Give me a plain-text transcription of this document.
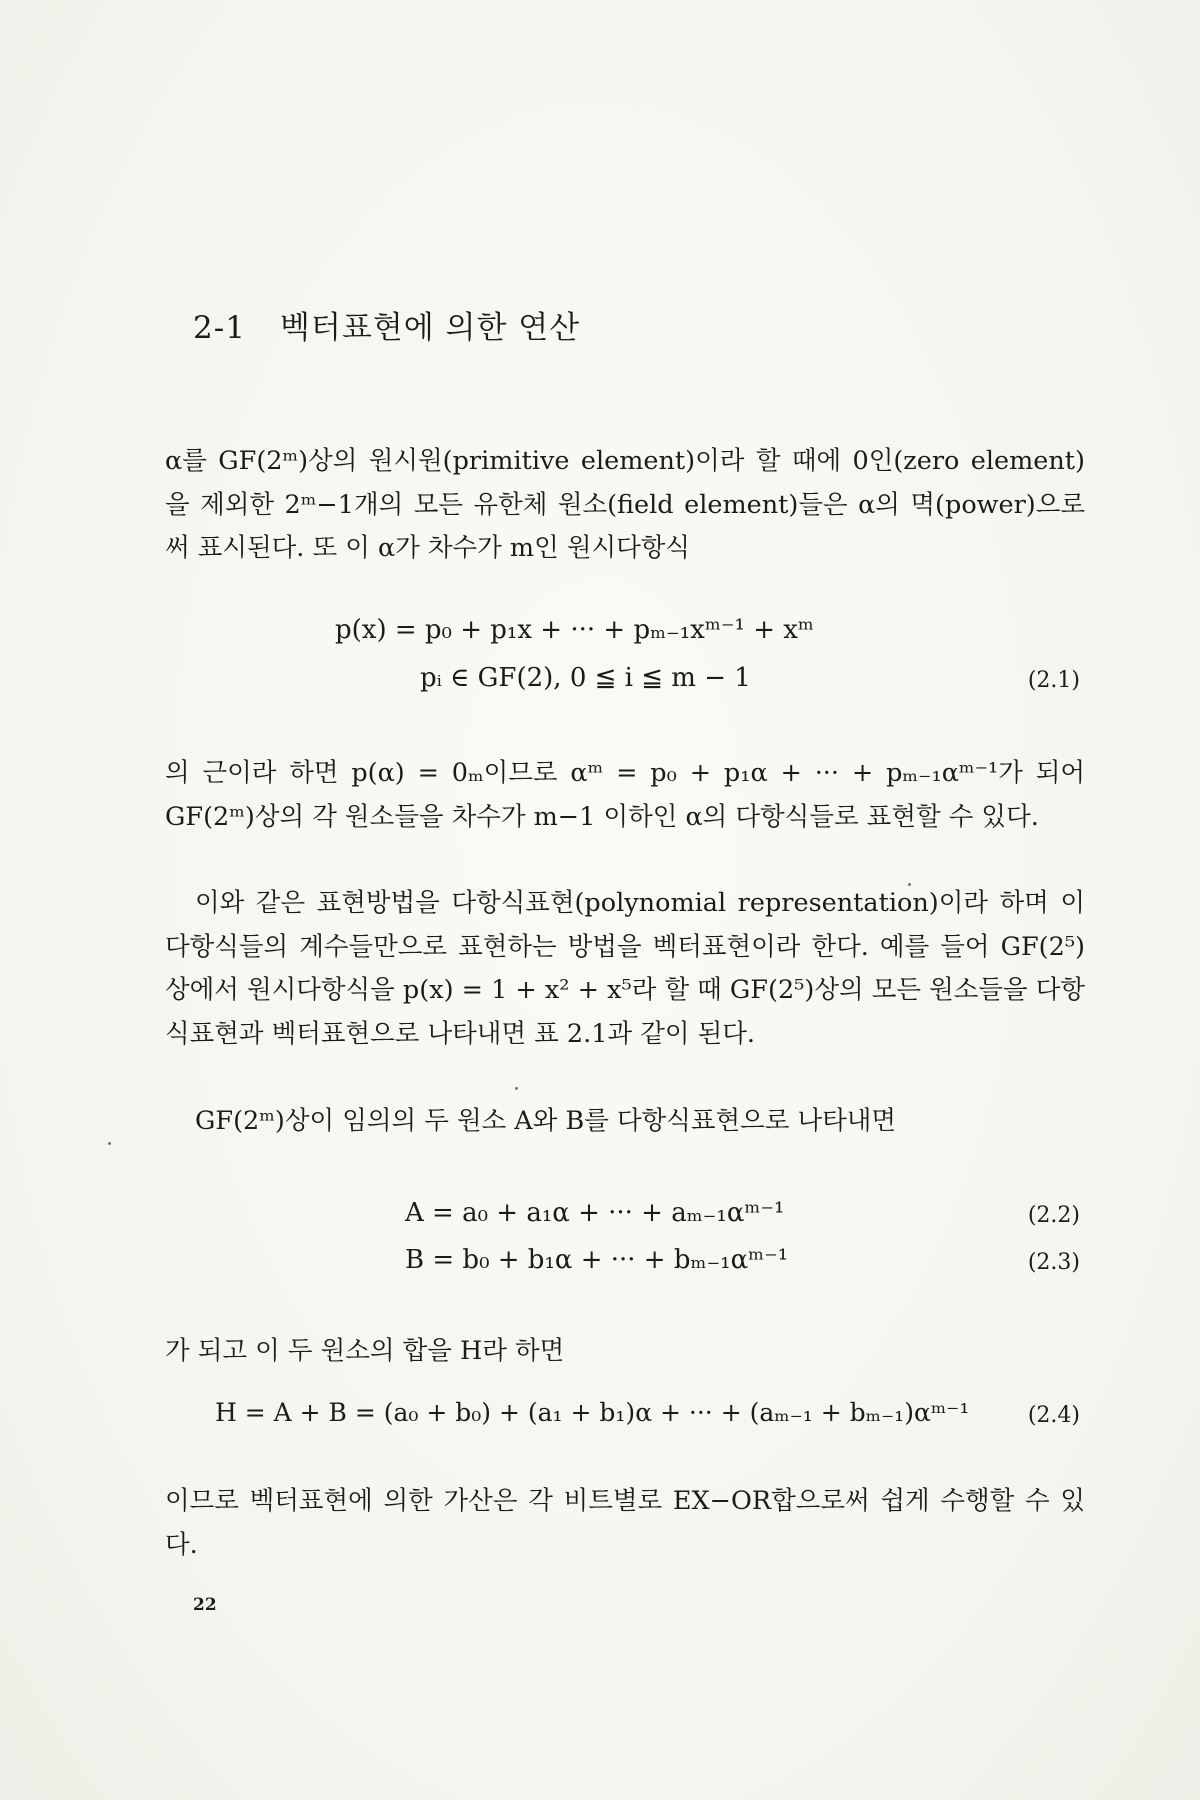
2-1 벡터표현에 의한 연산
α를 GF(2ᵐ)상의 원시원(primitive element)이라 할 때에 0인(zero element)을 제외한 2ᵐ−1개의 모든 유한체 원소(field element)들은 α의 멱(power)으로써 표시된다. 또 이 α가 차수가 m인 원시다항식
p(x) = p₀ + p₁x + ··· + pₘ₋₁xᵐ⁻¹ + xᵐ
pᵢ ∈ GF(2), 0 ≦ i ≦ m − 1	(2.1)
의 근이라 하면 p(α) = 0ₘ이므로 αᵐ = p₀ + p₁α + ··· + pₘ₋₁αᵐ⁻¹가 되어 GF(2ᵐ)상의 각 원소들을 차수가 m−1 이하인 α의 다항식들로 표현할 수 있다.
이와 같은 표현방법을 다항식표현(polynomial representation)이라 하며 이 다항식들의 계수들만으로 표현하는 방법을 벡터표현이라 한다. 예를 들어 GF(2⁵)상에서 원시다항식을 p(x) = 1 + x² + x⁵라 할 때 GF(2⁵)상의 모든 원소들을 다항식표현과 벡터표현으로 나타내면 표 2.1과 같이 된다.
GF(2ᵐ)상이 임의의 두 원소 A와 B를 다항식표현으로 나타내면
A = a₀ + a₁α + ··· + aₘ₋₁αᵐ⁻¹	(2.2)
B = b₀ + b₁α + ··· + bₘ₋₁αᵐ⁻¹	(2.3)
가 되고 이 두 원소의 합을 H라 하면
H = A + B = (a₀ + b₀) + (a₁ + b₁)α + ··· + (aₘ₋₁ + bₘ₋₁)αᵐ⁻¹	(2.4)
이므로 벡터표현에 의한 가산은 각 비트별로 EX−OR합으로써 쉽게 수행할 수 있다.
22
